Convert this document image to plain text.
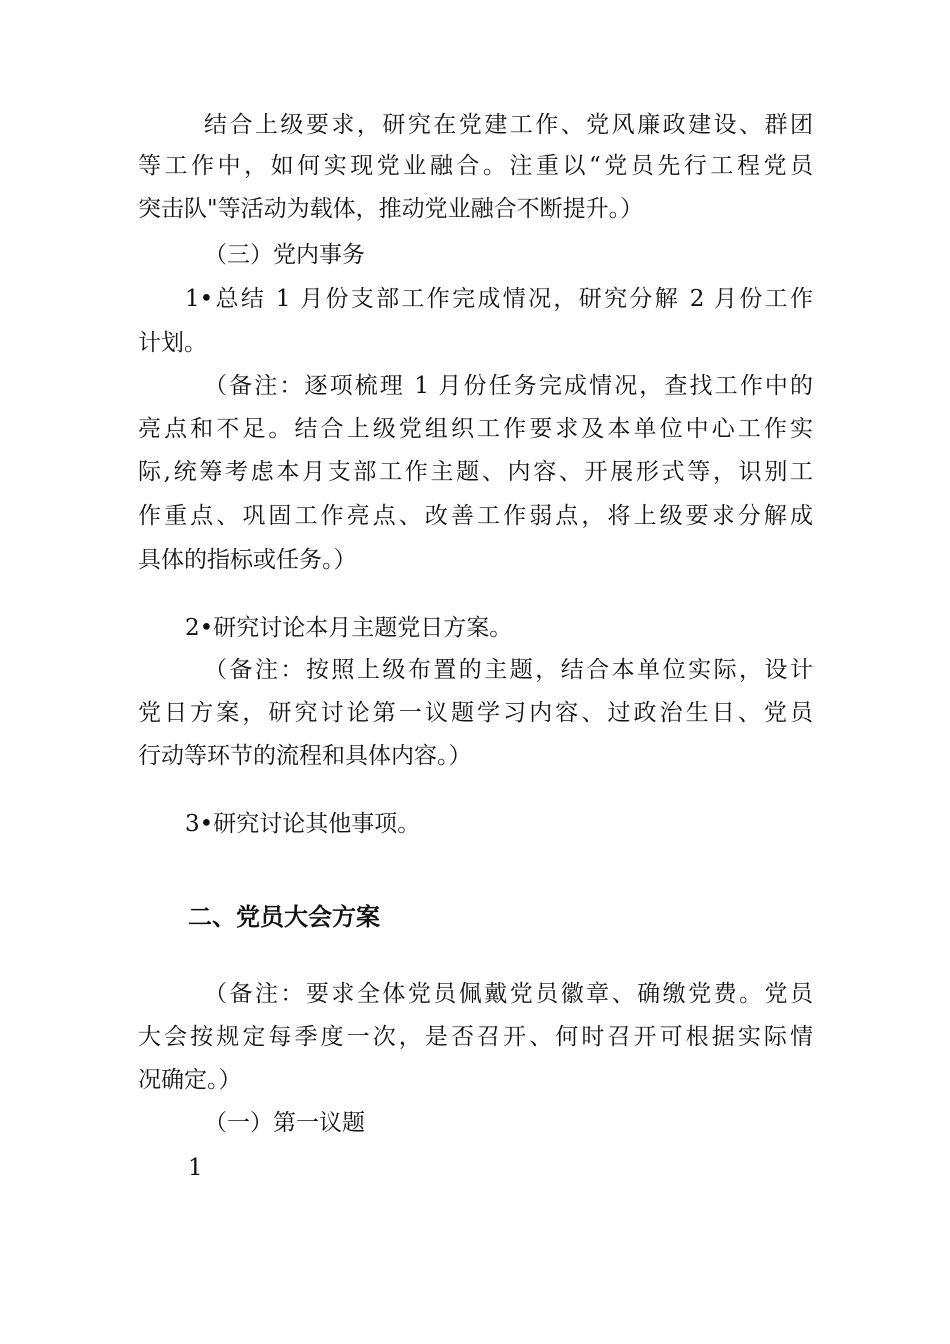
结合上级要求，研究在党建工作、党风廉政建设、群团
等工作中，如何实现党业融合。注重以“党员先行工程党员
突击队"等活动为载体，推动党业融合不断提升。）
（三）党内事务
1•总结 1 月份支部工作完成情况，研究分解 2 月份工作
计划。
（备注：逐项梳理 1 月份任务完成情况，查找工作中的
亮点和不足。结合上级党组织工作要求及本单位中心工作实
际,统筹考虑本月支部工作主题、内容、开展形式等，识别工
作重点、巩固工作亮点、改善工作弱点，将上级要求分解成
具体的指标或任务。）
2•研究讨论本月主题党日方案。
（备注：按照上级布置的主题，结合本单位实际，设计
党日方案，研究讨论第一议题学习内容、过政治生日、党员
行动等环节的流程和具体内容。）
3•研究讨论其他事项。
二、党员大会方案
（备注：要求全体党员佩戴党员徽章、确缴党费。党员
大会按规定每季度一次，是否召开、何时召开可根据实际情
况确定。）
（一）第一议题
1
